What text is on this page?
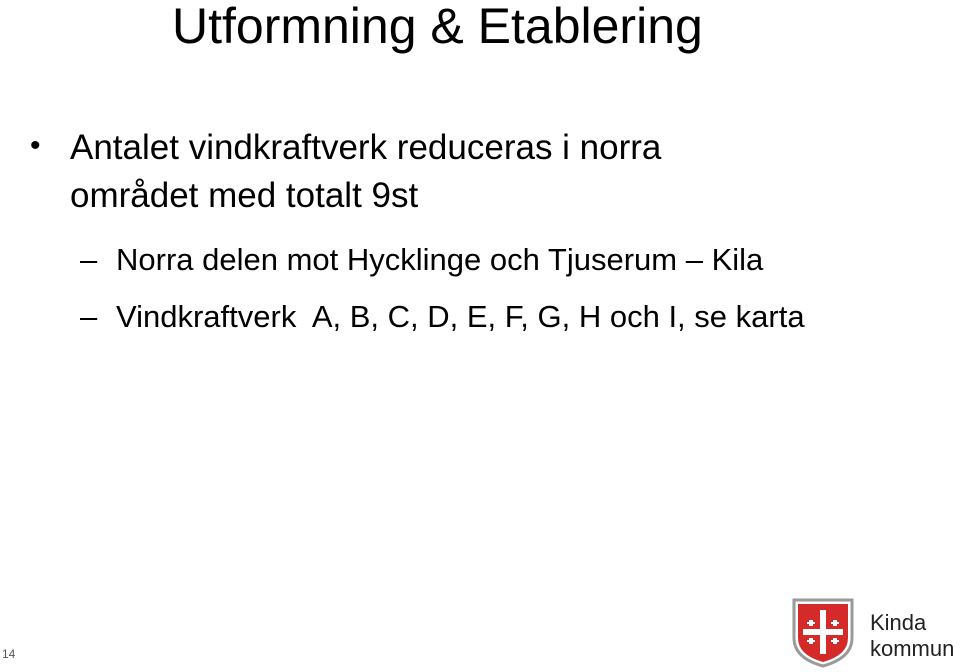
Utformning & Etablering
• Antalet vindkraftverk reduceras i norra området med totalt 9st
– Norra delen mot Hycklinge och Tjuserum – Kila
– Vindkraftverk  A, B, C, D, E, F, G, H och I, se karta
14
Kinda
kommun
